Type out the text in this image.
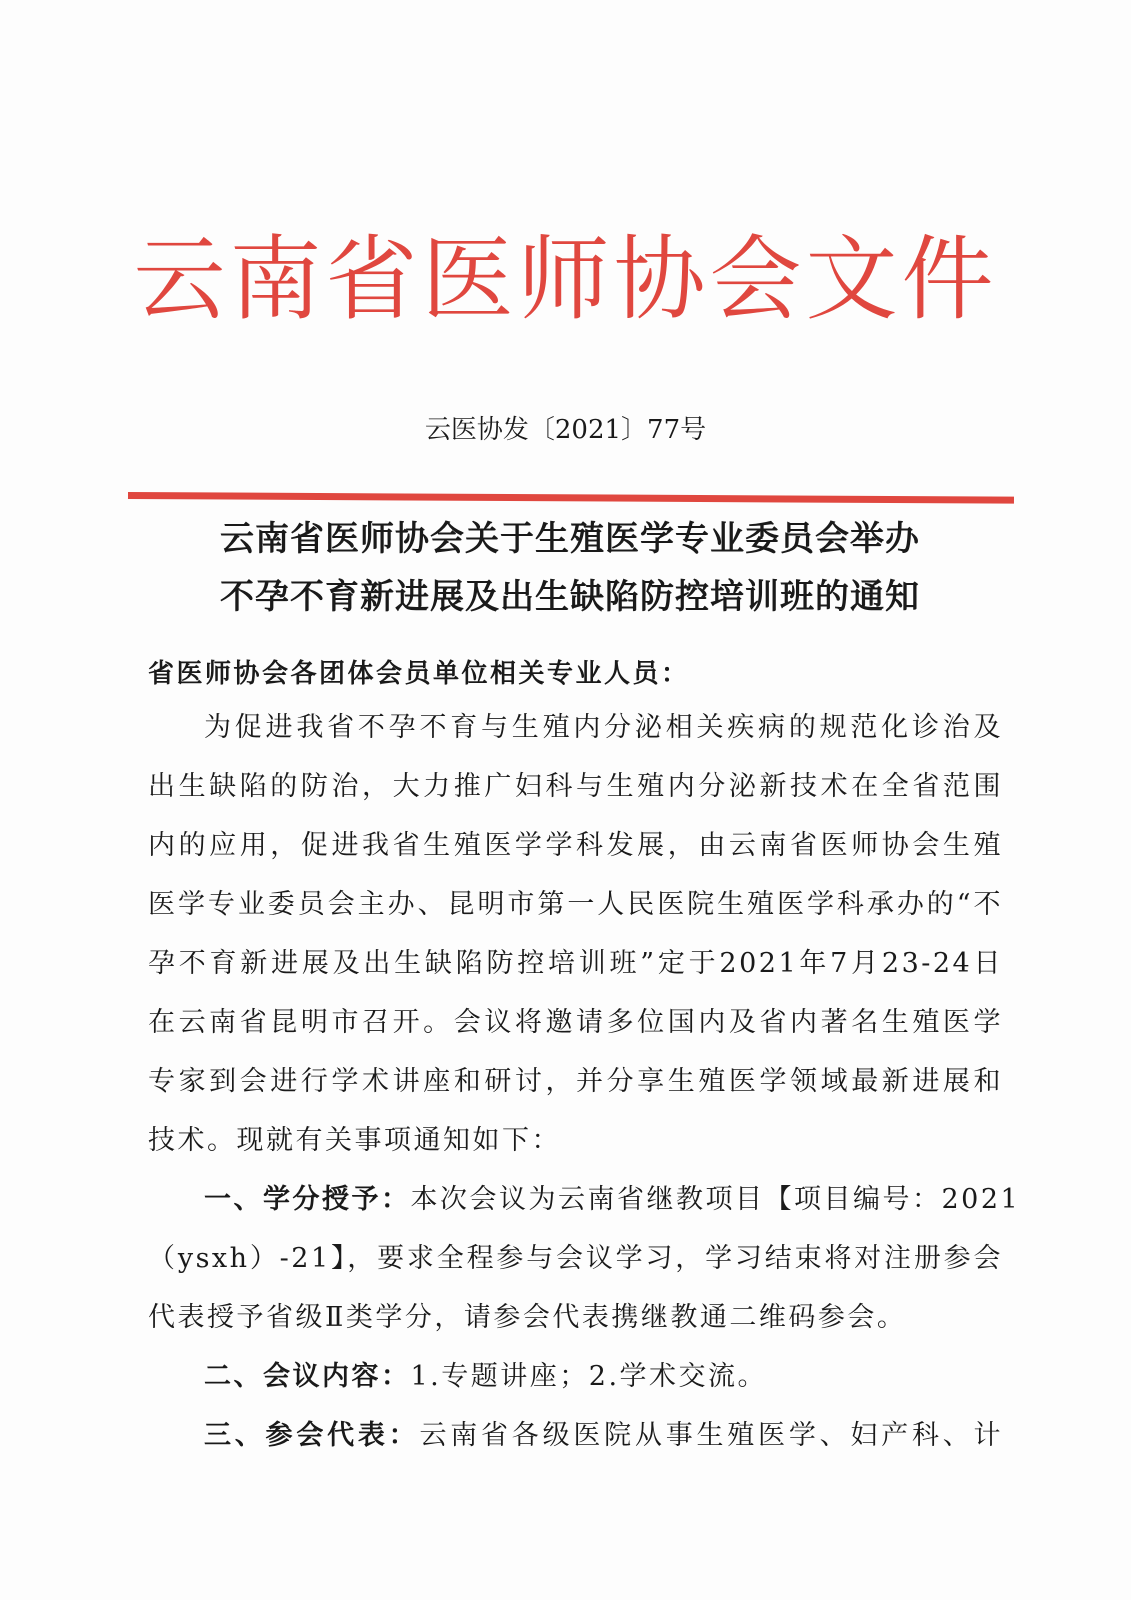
云南省医师协会文件
云医协发〔2021〕77号
云南省医师协会关于生殖医学专业委员会举办
不孕不育新进展及出生缺陷防控培训班的通知
省医师协会各团体会员单位相关专业人员：
为促进我省不孕不育与生殖内分泌相关疾病的规范化诊治及
出生缺陷的防治，大力推广妇科与生殖内分泌新技术在全省范围
内的应用，促进我省生殖医学学科发展，由云南省医师协会生殖
医学专业委员会主办、昆明市第一人民医院生殖医学科承办的“不
孕不育新进展及出生缺陷防控培训班”定于2021年7月23-24日
在云南省昆明市召开。会议将邀请多位国内及省内著名生殖医学
专家到会进行学术讲座和研讨，并分享生殖医学领域最新进展和
技术。现就有关事项通知如下：
一、学分授予：本次会议为云南省继教项目【项目编号：2021
（ysxh）-21】，要求全程参与会议学习，学习结束将对注册参会
代表授予省级Ⅱ类学分，请参会代表携继教通二维码参会。
二、会议内容：1.专题讲座；2.学术交流。
三、参会代表：云南省各级医院从事生殖医学、妇产科、计
